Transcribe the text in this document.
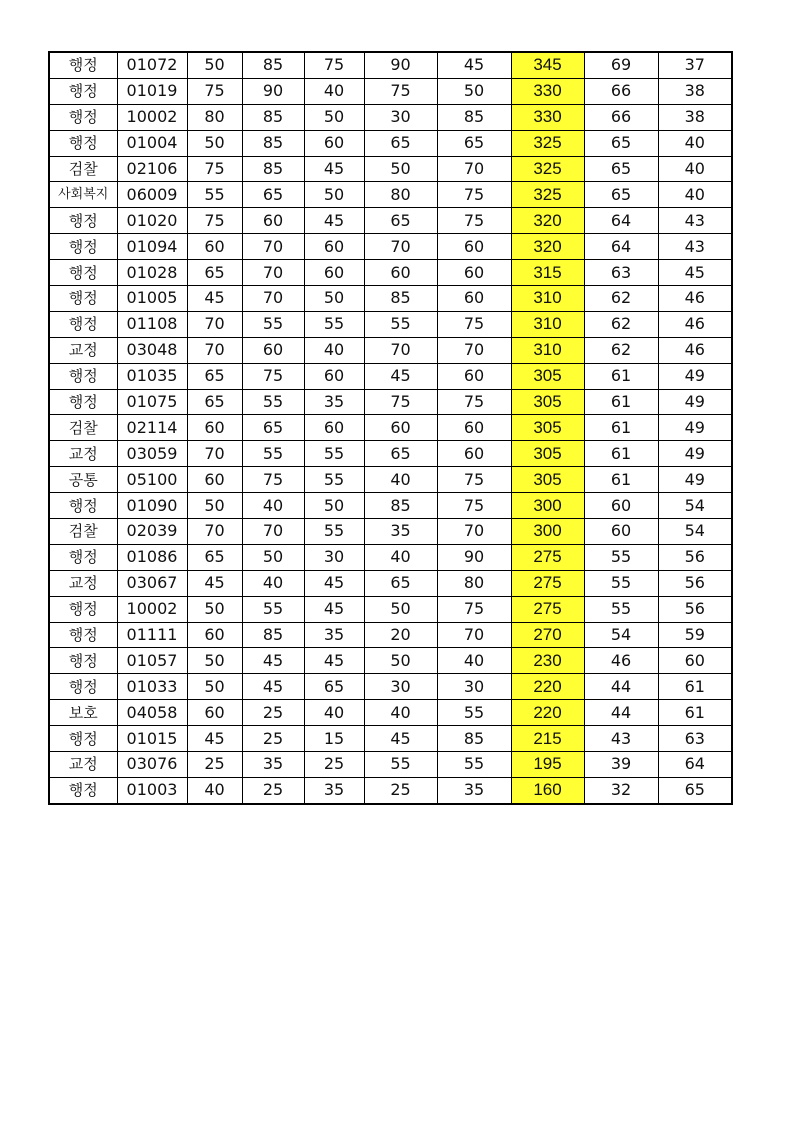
행정	01072	50	85	75	90	45	345	69	37
행정	01019	75	90	40	75	50	330	66	38
행정	10002	80	85	50	30	85	330	66	38
행정	01004	50	85	60	65	65	325	65	40
검찰	02106	75	85	45	50	70	325	65	40
사회복지	06009	55	65	50	80	75	325	65	40
행정	01020	75	60	45	65	75	320	64	43
행정	01094	60	70	60	70	60	320	64	43
행정	01028	65	70	60	60	60	315	63	45
행정	01005	45	70	50	85	60	310	62	46
행정	01108	70	55	55	55	75	310	62	46
교정	03048	70	60	40	70	70	310	62	46
행정	01035	65	75	60	45	60	305	61	49
행정	01075	65	55	35	75	75	305	61	49
검찰	02114	60	65	60	60	60	305	61	49
교정	03059	70	55	55	65	60	305	61	49
공통	05100	60	75	55	40	75	305	61	49
행정	01090	50	40	50	85	75	300	60	54
검찰	02039	70	70	55	35	70	300	60	54
행정	01086	65	50	30	40	90	275	55	56
교정	03067	45	40	45	65	80	275	55	56
행정	10002	50	55	45	50	75	275	55	56
행정	01111	60	85	35	20	70	270	54	59
행정	01057	50	45	45	50	40	230	46	60
행정	01033	50	45	65	30	30	220	44	61
보호	04058	60	25	40	40	55	220	44	61
행정	01015	45	25	15	45	85	215	43	63
교정	03076	25	35	25	55	55	195	39	64
행정	01003	40	25	35	25	35	160	32	65
